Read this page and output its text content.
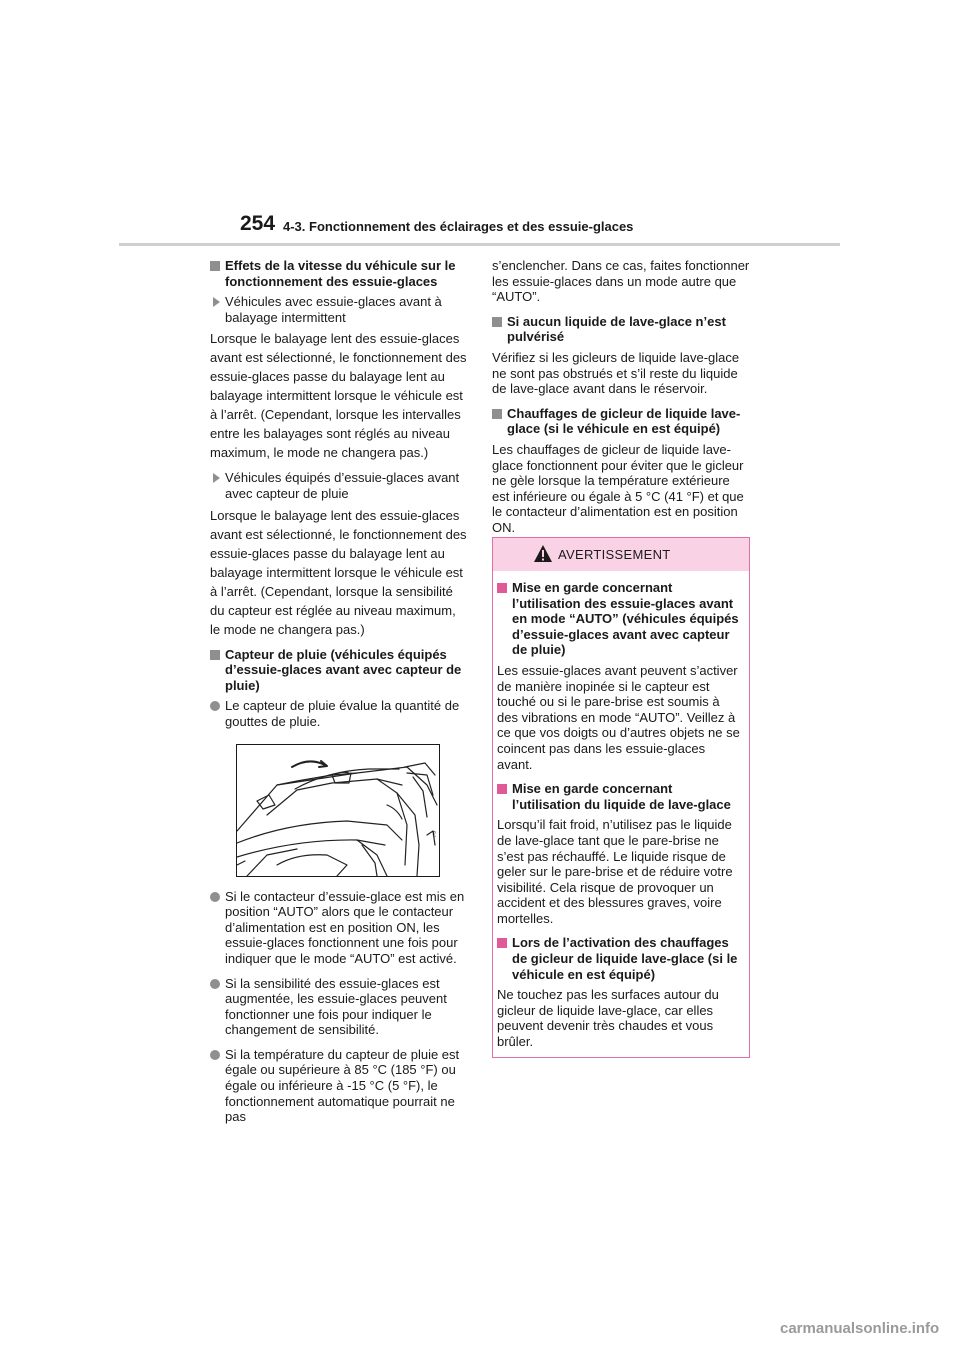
254 4-3. Fonctionnement des éclairages et des essuie-glaces
Effets de la vitesse du véhicule sur le fonctionnement des essuie-glaces
Véhicules avec essuie-glaces avant à balayage intermittent
Lorsque le balayage lent des essuie-glaces avant est sélectionné, le fonctionnement des essuie-glaces passe du balayage lent au balayage intermittent lorsque le véhicule est à l’arrêt. (Cependant, lorsque les intervalles entre les balayages sont réglés au niveau maximum, le mode ne changera pas.)
Véhicules équipés d’essuie-glaces avant avec capteur de pluie
Lorsque le balayage lent des essuie-glaces avant est sélectionné, le fonctionnement des essuie-glaces passe du balayage lent au balayage intermittent lorsque le véhicule est à l’arrêt. (Cependant, lorsque la sensibilité du capteur est réglée au niveau maximum, le mode ne changera pas.)
Capteur de pluie (véhicules équipés d’essuie-glaces avant avec capteur de pluie)
Le capteur de pluie évalue la quantité de gouttes de pluie.
ℓ
Si le contacteur d’essuie-glace est mis en position “AUTO” alors que le contacteur d’alimentation est en position ON, les essuie-glaces fonctionnent une fois pour indiquer que le mode “AUTO” est activé.
Si la sensibilité des essuie-glaces est augmentée, les essuie-glaces peuvent fonctionner une fois pour indiquer le changement de sensibilité.
Si la température du capteur de pluie est égale ou supérieure à 85 °C (185 °F) ou égale ou inférieure à -15 °C (5 °F), le fonctionnement automatique pourrait ne pas
s’enclencher. Dans ce cas, faites fonctionner les essuie-glaces dans un mode autre que “AUTO”.
Si aucun liquide de lave-glace n’est pulvérisé
Vérifiez si les gicleurs de liquide lave-glace ne sont pas obstrués et s’il reste du liquide de lave-glace avant dans le réservoir.
Chauffages de gicleur de liquide lave-glace (si le véhicule en est équipé)
Les chauffages de gicleur de liquide lave-glace fonctionnent pour éviter que le gicleur ne gèle lorsque la température extérieure est inférieure ou égale à 5 °C (41 °F) et que le contacteur d’alimentation est en position ON.
AVERTISSEMENT
Mise en garde concernant l’utilisation des essuie-glaces avant en mode “AUTO” (véhicules équipés d’essuie-glaces avant avec capteur de pluie)
Les essuie-glaces avant peuvent s’activer de manière inopinée si le capteur est touché ou si le pare-brise est soumis à des vibrations en mode “AUTO”. Veillez à ce que vos doigts ou d’autres objets ne se coincent pas dans les essuie-glaces avant.
Mise en garde concernant l’utilisation du liquide de lave-glace
Lorsqu’il fait froid, n’utilisez pas le liquide de lave-glace tant que le pare-brise ne s’est pas réchauffé. Le liquide risque de geler sur le pare-brise et de réduire votre visibilité. Cela risque de provoquer un accident et des blessures graves, voire mortelles.
Lors de l’activation des chauffages de gicleur de liquide lave-glace (si le véhicule en est équipé)
Ne touchez pas les surfaces autour du gicleur de liquide lave-glace, car elles peuvent devenir très chaudes et vous brûler.
carmanualsonline.info
